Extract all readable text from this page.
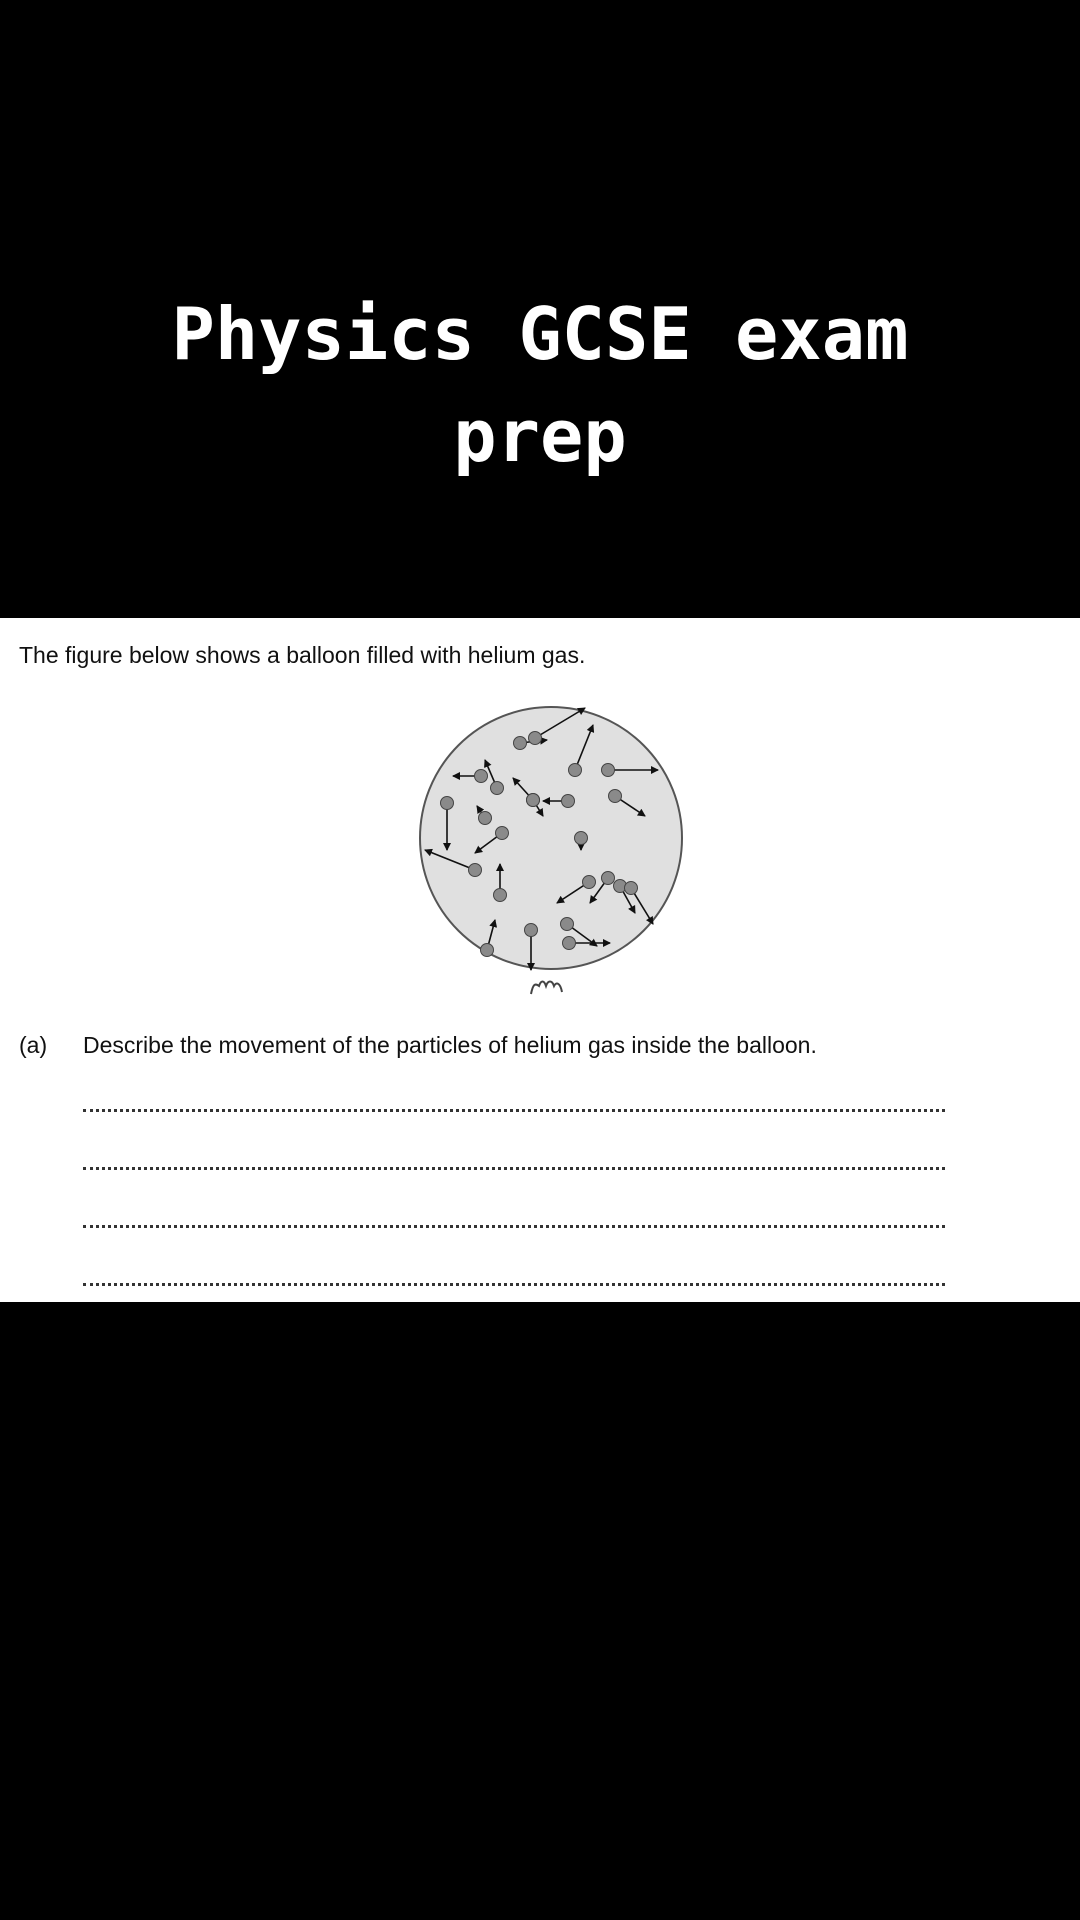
Physics GCSE exam
prep

The figure below shows a balloon filled with helium gas.

(a) Describe the movement of the particles of helium gas inside the balloon.
